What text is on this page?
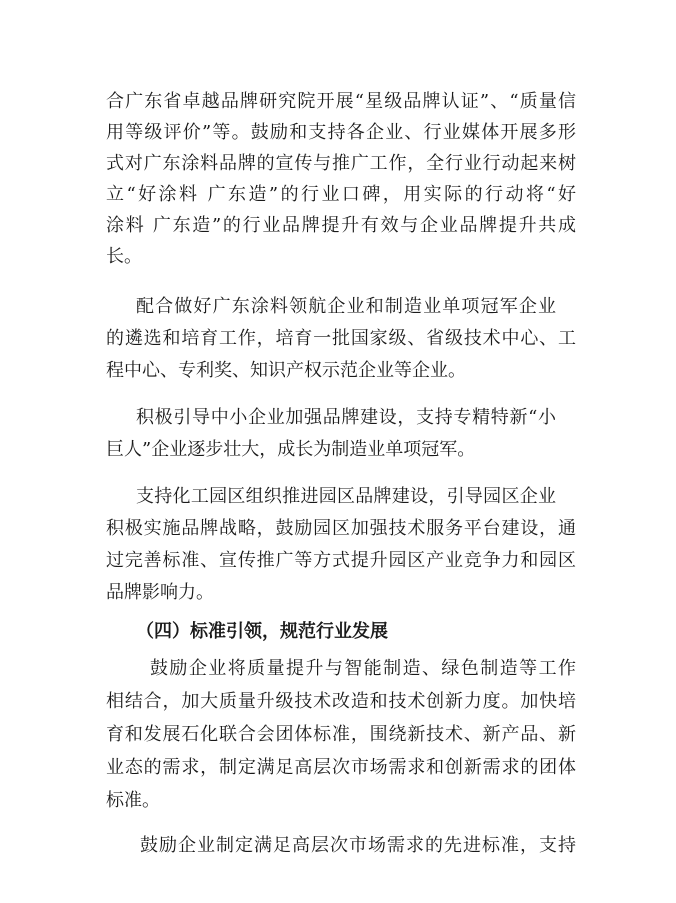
合广东省卓越品牌研究院开展“星级品牌认证”、“质量信
用等级评价”等。鼓励和支持各企业、行业媒体开展多形
式对广东涂料品牌的宣传与推广工作，全行业行动起来树
立“好涂料 广东造”的行业口碑，用实际的行动将“好
涂料 广东造”的行业品牌提升有效与企业品牌提升共成
长。
配合做好广东涂料领航企业和制造业单项冠军企业
的遴选和培育工作，培育一批国家级、省级技术中心、工
程中心、专利奖、知识产权示范企业等企业。
积极引导中小企业加强品牌建设，支持专精特新“小
巨人”企业逐步壮大，成长为制造业单项冠军。
支持化工园区组织推进园区品牌建设，引导园区企业
积极实施品牌战略，鼓励园区加强技术服务平台建设，通
过完善标准、宣传推广等方式提升园区产业竞争力和园区
品牌影响力。
（四）标准引领，规范行业发展
鼓励企业将质量提升与智能制造、绿色制造等工作
相结合，加大质量升级技术改造和技术创新力度。加快培
育和发展石化联合会团体标准，围绕新技术、新产品、新
业态的需求，制定满足高层次市场需求和创新需求的团体
标准。
鼓励企业制定满足高层次市场需求的先进标准，支持
